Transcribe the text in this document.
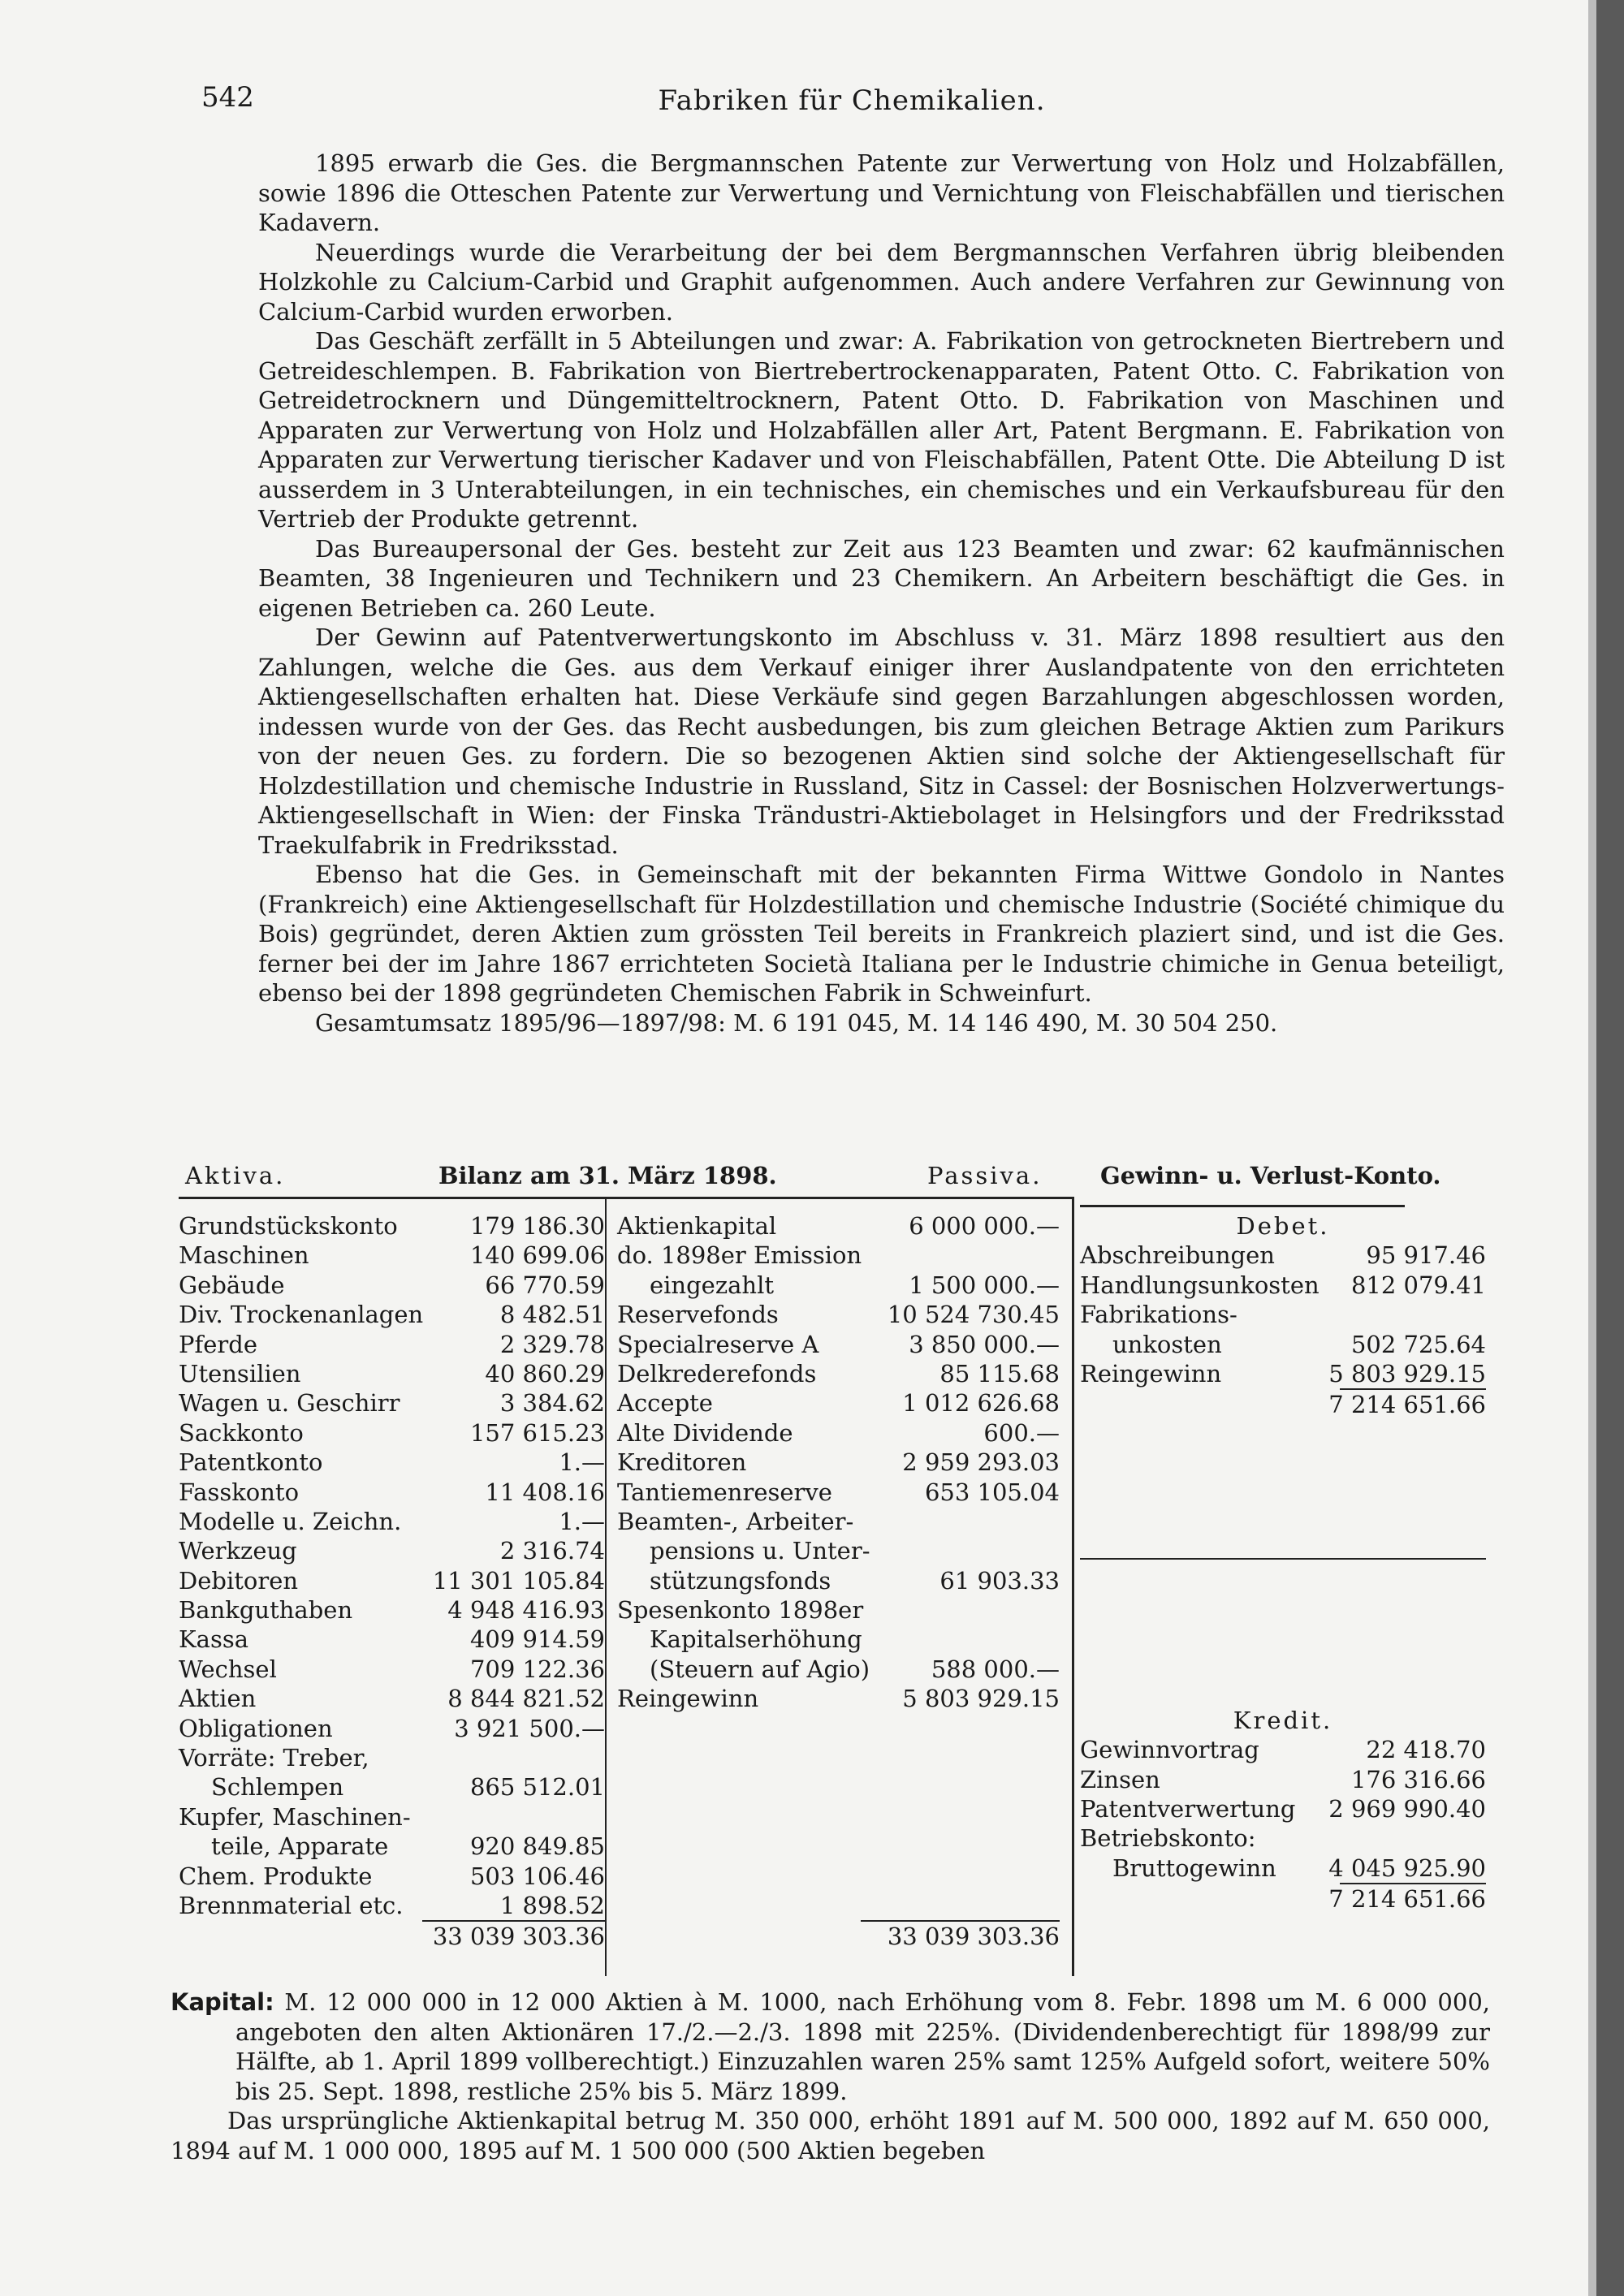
542	Fabriken für Chemikalien.

1895 erwarb die Ges. die Bergmannschen Patente zur Verwertung von Holz und Holzabfällen, sowie 1896 die Otteschen Patente zur Verwertung und Vernichtung von Fleischabfällen und tierischen Kadavern.

Neuerdings wurde die Verarbeitung der bei dem Bergmannschen Verfahren übrig bleibenden Holzkohle zu Calcium-Carbid und Graphit aufgenommen. Auch andere Verfahren zur Gewinnung von Calcium-Carbid wurden erworben.

Das Geschäft zerfällt in 5 Abteilungen und zwar: A. Fabrikation von getrockneten Biertrebern und Getreideschlempen. B. Fabrikation von Biertrebertrockenapparaten, Patent Otto. C. Fabrikation von Getreidetrocknern und Düngemitteltrocknern, Patent Otto. D. Fabrikation von Maschinen und Apparaten zur Verwertung von Holz und Holzabfällen aller Art, Patent Bergmann. E. Fabrikation von Apparaten zur Verwertung tierischer Kadaver und von Fleischabfällen, Patent Otte. Die Abteilung D ist ausserdem in 3 Unterabteilungen, in ein technisches, ein chemisches und ein Verkaufsbureau für den Vertrieb der Produkte getrennt.

Das Bureaupersonal der Ges. besteht zur Zeit aus 123 Beamten und zwar: 62 kaufmännischen Beamten, 38 Ingenieuren und Technikern und 23 Chemikern. An Arbeitern beschäftigt die Ges. in eigenen Betrieben ca. 260 Leute.

Der Gewinn auf Patentverwertungskonto im Abschluss v. 31. März 1898 resultiert aus den Zahlungen, welche die Ges. aus dem Verkauf einiger ihrer Auslandpatente von den errichteten Aktiengesellschaften erhalten hat. Diese Verkäufe sind gegen Barzahlungen abgeschlossen worden, indessen wurde von der Ges. das Recht ausbedungen, bis zum gleichen Betrage Aktien zum Parikurs von der neuen Ges. zu fordern. Die so bezogenen Aktien sind solche der Aktiengesellschaft für Holzdestillation und chemische Industrie in Russland, Sitz in Cassel: der Bosnischen Holzverwertungs-Aktiengesellschaft in Wien: der Finska Trändustri-Aktiebolaget in Helsingfors und der Fredriksstad Traekulfabrik in Fredriksstad.

Ebenso hat die Ges. in Gemeinschaft mit der bekannten Firma Wittwe Gondolo in Nantes (Frankreich) eine Aktiengesellschaft für Holzdestillation und chemische Industrie (Société chimique du Bois) gegründet, deren Aktien zum grössten Teil bereits in Frankreich plaziert sind, und ist die Ges. ferner bei der im Jahre 1867 errichteten Società Italiana per le Industrie chimiche in Genua beteiligt, ebenso bei der 1898 gegründeten Chemischen Fabrik in Schweinfurt.

Gesamtumsatz 1895/96—1897/98: M. 6 191 045, M. 14 146 490, M. 30 504 250.

Aktiva.	Bilanz am 31. März 1898.	Passiva. Gewinn- u. Verlust-Konto.
Grundstückskonto	179 186.30
Maschinen	140 699.06
Gebäude	66 770.59
Div. Trockenanlagen	8 482.51
Pferde	2 329.78
Utensilien	40 860.29
Wagen u. Geschirr	3 384.62
Sackkonto	157 615.23
Patentkonto	1.—
Fasskonto	11 408.16
Modelle u. Zeichn.	1.—
Werkzeug	2 316.74
Debitoren	11 301 105.84
Bankguthaben	4 948 416.93
Kassa	409 914.59
Wechsel	709 122.36
Aktien	8 844 821.52
Obligationen	3 921 500.—
Vorräte: Treber,
Schlempen	865 512.01
Kupfer, Maschinen-
teile, Apparate	920 849.85
Chem. Produkte	503 106.46
Brennmaterial etc.	1 898.52
33 039 303.36
Aktienkapital	6 000 000.—
do. 1898er Emission
eingezahlt	1 500 000.—
Reservefonds	10 524 730.45
Specialreserve A	3 850 000.—
Delkrederefonds	85 115.68
Accepte	1 012 626.68
Alte Dividende	600.—
Kreditoren	2 959 293.03
Tantiemenreserve	653 105.04
Beamten-, Arbeiter-
pensions u. Unter-
stützungsfonds	61 903.33
Spesenkonto 1898er
Kapitalserhöhung
(Steuern auf Agio)	588 000.—
Reingewinn	5 803 929.15
33 039 303.36
Debet.
Abschreibungen	95 917.46
Handlungsunkosten 812 079.41
Fabrikations-
unkosten	502 725.64
Reingewinn	5 803 929.15
7 214 651.66
Kredit.
Gewinnvortrag	22 418.70
Zinsen	176 316.66
Patentverwertung 2 969 990.40
Betriebskonto:
Bruttogewinn 4 045 925.90
7 214 651.66

Kapital: M. 12 000 000 in 12 000 Aktien à M. 1000, nach Erhöhung vom 8. Febr. 1898 um M. 6 000 000, angeboten den alten Aktionären 17./2.—2./3. 1898 mit 225%. (Dividendenberechtigt für 1898/99 zur Hälfte, ab 1. April 1899 vollberechtigt.) Einzuzahlen waren 25% samt 125% Aufgeld sofort, weitere 50% bis 25. Sept. 1898, restliche 25% bis 5. März 1899.

Das ursprüngliche Aktienkapital betrug M. 350 000, erhöht 1891 auf M. 500 000, 1892 auf M. 650 000, 1894 auf M. 1 000 000, 1895 auf M. 1 500 000 (500 Aktien begeben
